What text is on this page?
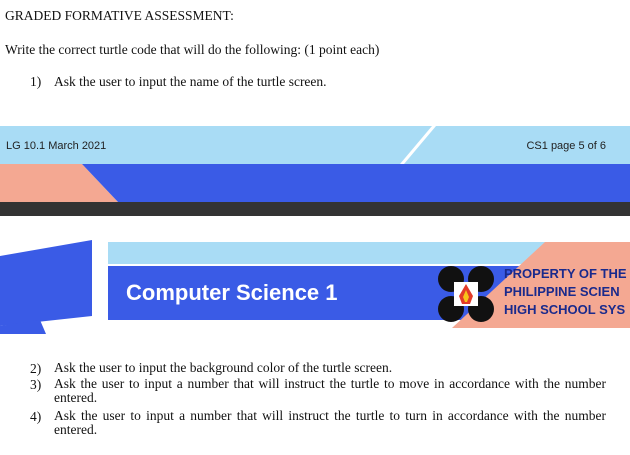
GRADED FORMATIVE ASSESSMENT:
Write the correct turtle code that will do the following: (1 point each)
1) Ask the user to input the name of the turtle screen.
LG 10.1 March 2021	CS1 page 5 of 6
Computer Science 1
PROPERTY OF THE
PHILIPPINE SCIEN
HIGH SCHOOL SYS
2) Ask the user to input the background color of the turtle screen.
3) Ask the user to input a number that will instruct the turtle to move in accordance with the number entered.
4) Ask the user to input a number that will instruct the turtle to turn in accordance with the number entered.
